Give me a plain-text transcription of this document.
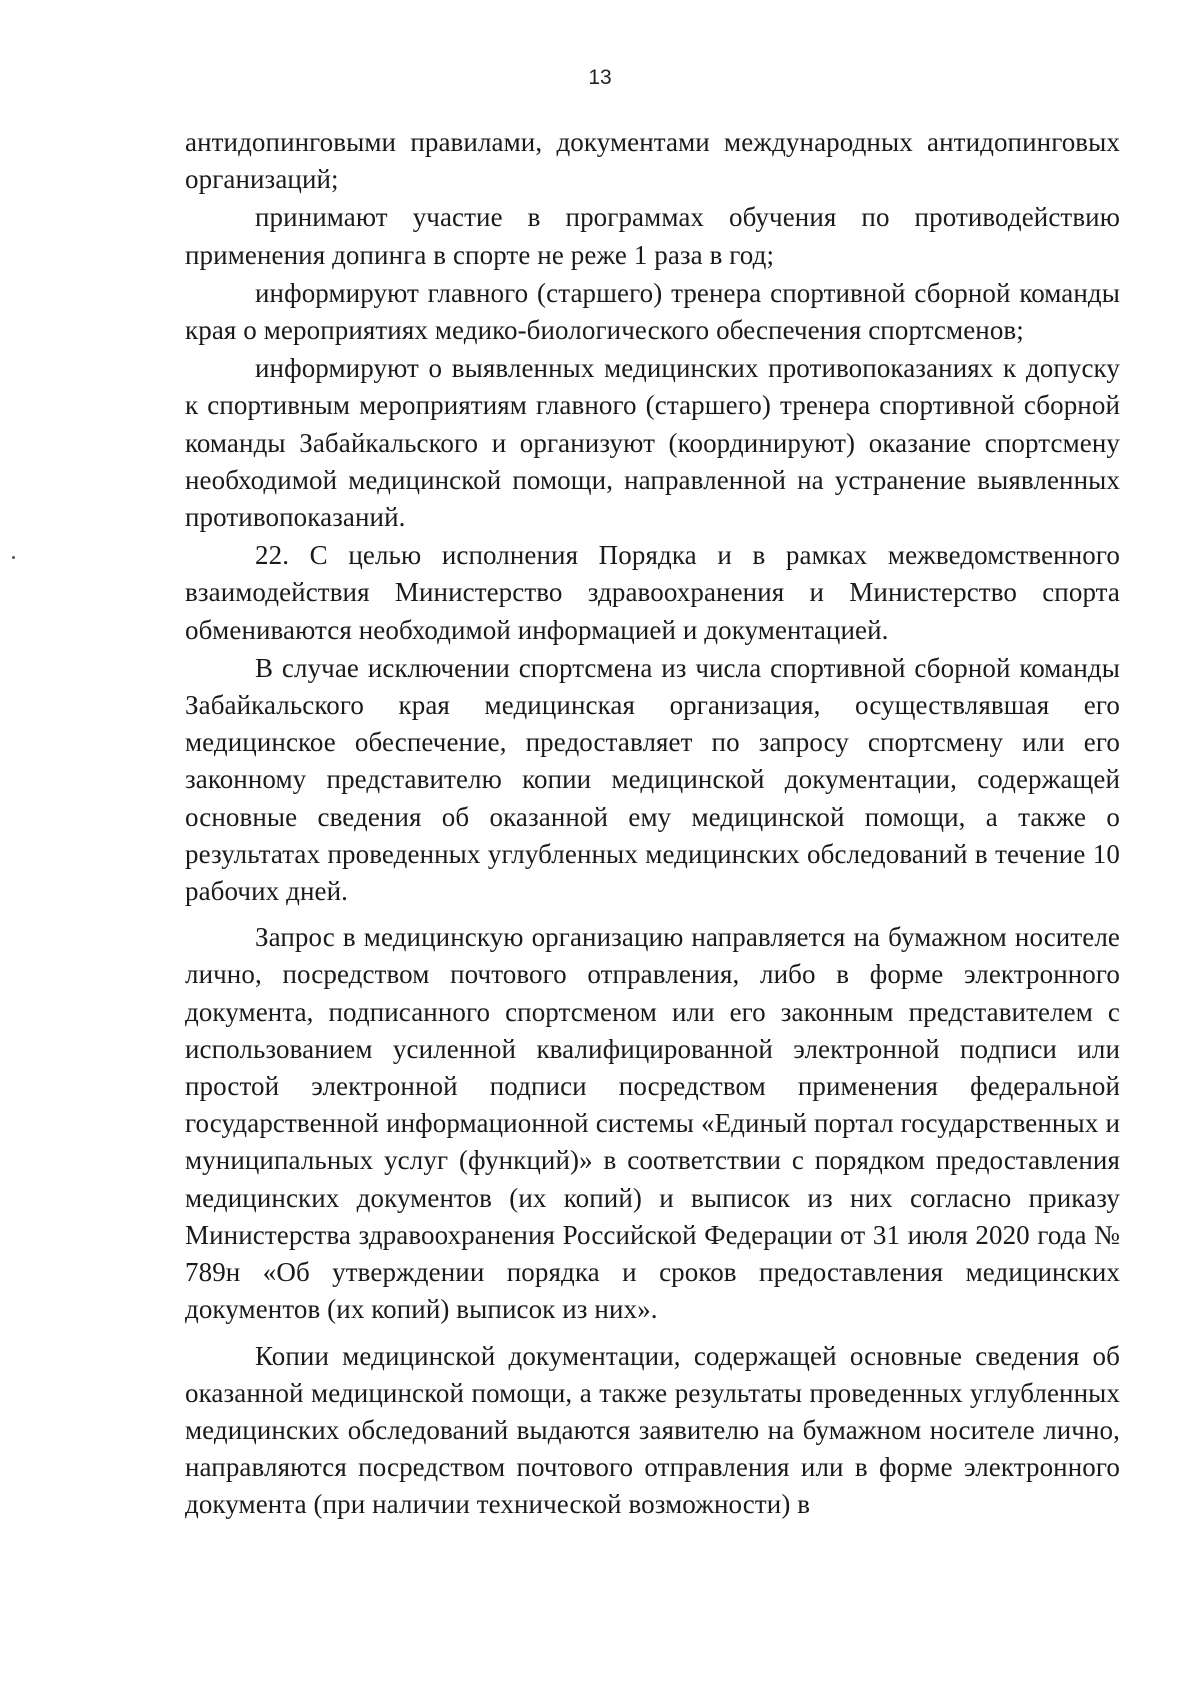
13

антидопинговыми правилами, документами международных антидопинговых организаций;

принимают участие в программах обучения по противодействию применения допинга в спорте не реже 1 раза в год;

информируют главного (старшего) тренера спортивной сборной команды края о мероприятиях медико-биологического обеспечения спортсменов;

информируют о выявленных медицинских противопоказаниях к допуску к спортивным мероприятиям главного (старшего) тренера спортивной сборной команды Забайкальского и организуют (координируют) оказание спортсмену необходимой медицинской помощи, направленной на устранение выявленных противопоказаний.

22. С целью исполнения Порядка и в рамках межведомственного взаимодействия Министерство здравоохранения и Министерство спорта обмениваются необходимой информацией и документацией.

В случае исключении спортсмена из числа спортивной сборной команды Забайкальского края медицинская организация, осуществлявшая его медицинское обеспечение, предоставляет по запросу спортсмену или его законному представителю копии медицинской документации, содержащей основные сведения об оказанной ему медицинской помощи, а также о результатах проведенных углубленных медицинских обследований в течение 10 рабочих дней.

Запрос в медицинскую организацию направляется на бумажном носителе лично, посредством почтового отправления, либо в форме электронного документа, подписанного спортсменом или его законным представителем с использованием усиленной квалифицированной электронной подписи или простой электронной подписи посредством применения федеральной государственной информационной системы «Единый портал государственных и муниципальных услуг (функций)» в соответствии с порядком предоставления медицинских документов (их копий) и выписок из них согласно приказу Министерства здравоохранения Российской Федерации от 31 июля 2020 года № 789н «Об утверждении порядка и сроков предоставления медицинских документов (их копий) выписок из них».

Копии медицинской документации, содержащей основные сведения об оказанной медицинской помощи, а также результаты проведенных углубленных медицинских обследований выдаются заявителю на бумажном носителе лично, направляются посредством почтового отправления или в форме электронного документа (при наличии технической возможности) в
